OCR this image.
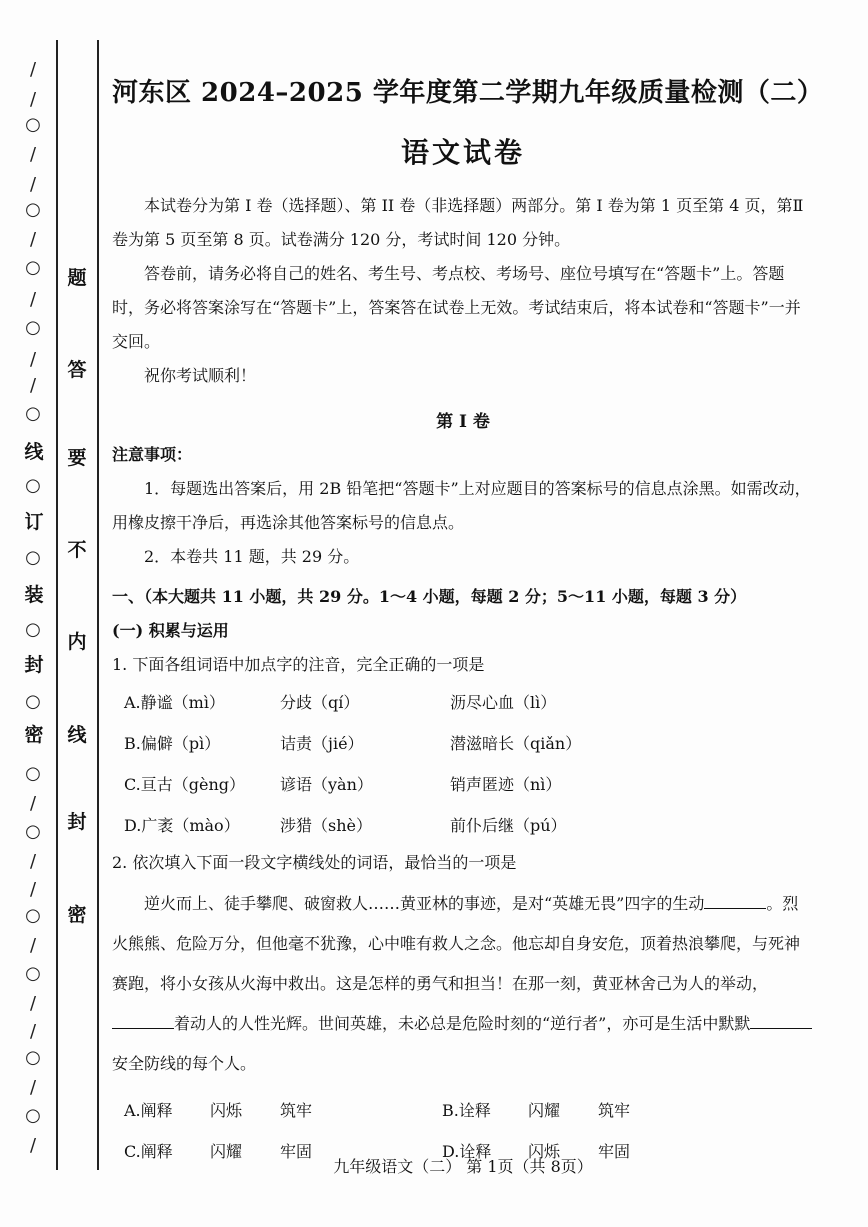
/
/
○
/
/
○
/
○
/
○
/
/
○
○
○
○
○
○
/
○
/
/
○
/
○
/
/
○
/
○
/
密
封
装
订
线
密
封
线
内
不
要
答
题
河东区 2024–2025 学年度第二学期九年级质量检测（二）
语文试卷

本试卷分为第 I 卷（选择题）、第 II 卷（非选择题）两部分。第 I 卷为第 1 页至第 4 页，第Ⅱ卷为第 5 页至第 8 页。试卷满分 120 分，考试时间 120 分钟。

答卷前，请务必将自己的姓名、考生号、考点校、考场号、座位号填写在“答题卡”上。答题时，务必将答案涂写在“答题卡”上，答案答在试卷上无效。考试结束后，将本试卷和“答题卡”一并交回。

祝你考试顺利！

第 I 卷

注意事项：

1．每题选出答案后，用 2B 铅笔把“答题卡”上对应题目的答案标号的信息点涂黑。如需改动，用橡皮擦干净后，再选涂其他答案标号的信息点。

2．本卷共 11 题，共 29 分。

一、（本大题共 11 小题，共 29 分。1～4 小题，每题 2 分；5～11 小题，每题 3 分）

(一) 积累与运用

1. 下面各组词语中加点字的注音，完全正确的一项是

A.静谧（mì）	分歧（qí）	沥尽心血（lì）
B.偏僻（pì）	诘责（jié）	潜滋暗长（qiǎn）
C.亘古（gèng）	谚语（yàn）	销声匿迹（nì）
D.广袤（mào）	涉猎（shè）	前仆后继（pú）

2. 依次填入下面一段文字横线处的词语，最恰当的一项是

逆火而上、徒手攀爬、破窗救人……黄亚林的事迹，是对“英雄无畏”四字的生动	。烈火熊熊、危险万分，但他毫不犹豫，心中唯有救人之念。他忘却自身安危，顶着热浪攀爬，与死神赛跑，将小女孩从火海中救出。这是怎样的勇气和担当！在那一刻，黄亚林舍己为人的举动，着动人的人性光辉。世间英雄，未必总是危险时刻的“逆行者”，亦可是生活中默默安全防线的每个人。
A.阐释 闪烁 筑牢	B.诠释 闪耀 筑牢
C.阐释 闪耀 牢固	D.诠释 闪烁 牢固
九年级语文（二） 第 1页（共 8页）
